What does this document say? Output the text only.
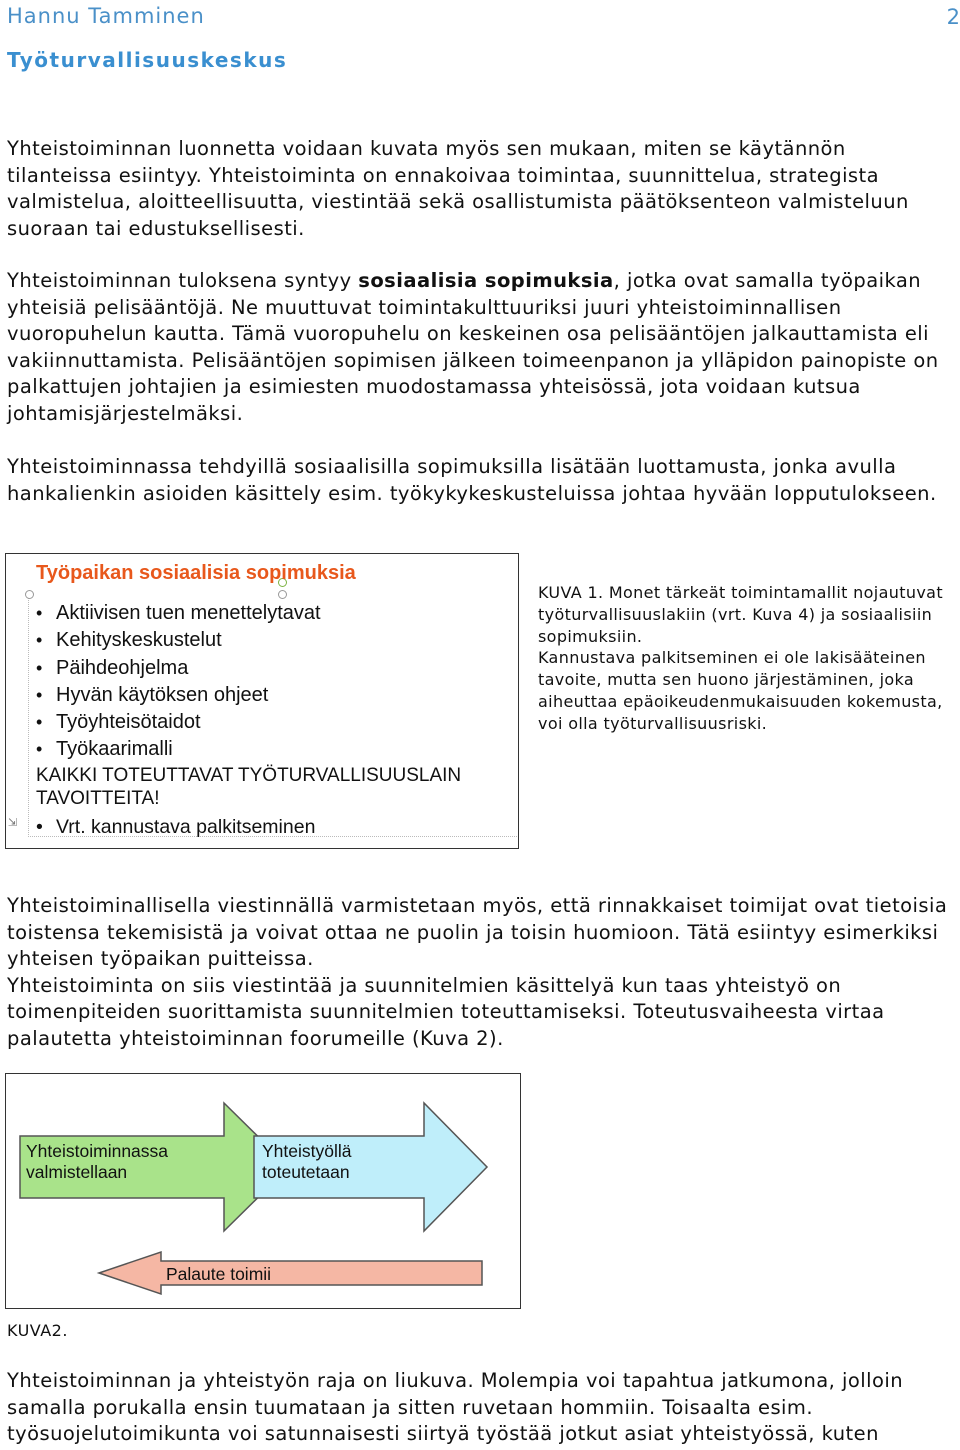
Hannu Tamminen	2
Työturvallisuuskeskus

Yhteistoiminnan luonnetta voidaan kuvata myös sen mukaan, miten se käytännön tilanteissa esiintyy. Yhteistoiminta on ennakoivaa toimintaa, suunnittelua, strategista valmistelua, aloitteellisuutta, viestintää sekä osallistumista päätöksenteon valmisteluun suoraan tai edustuksellisesti.

Yhteistoiminnan tuloksena syntyy sosiaalisia sopimuksia, jotka ovat samalla työpaikan yhteisiä pelisääntöjä. Ne muuttuvat toimintakulttuuriksi juuri yhteistoiminnallisen vuoropuhelun kautta. Tämä vuoropuhelu on keskeinen osa pelisääntöjen jalkauttamista eli vakiinnuttamista. Pelisääntöjen sopimisen jälkeen toimeenpanon ja ylläpidon painopiste on palkattujen johtajien ja esimiesten muodostamassa yhteisössä, jota voidaan kutsua johtamisjärjestelmäksi.

Yhteistoiminnassa tehdyillä sosiaalisilla sopimuksilla lisätään luottamusta, jonka avulla hankalienkin asioiden käsittely esim. työkykykeskusteluissa johtaa hyvään lopputulokseen.

Työpaikan sosiaalisia sopimuksia
• Aktiivisen tuen menettelytavat
• Kehityskeskustelut
• Päihdeohjelma
• Hyvän käytöksen ohjeet
• Työyhteisötaidot
• Työkaarimalli
KAIKKI TOTEUTTAVAT TYÖTURVALLISUUSLAIN TAVOITTEITA!
⇲
•	Vrt. kannustava palkitseminen
KUVA 1. Monet tärkeät toimintamallit nojautuvat työturvallisuuslakiin (vrt. Kuva 4) ja sosiaalisiin sopimuksiin.
Kannustava palkitseminen ei ole lakisääteinen tavoite, mutta sen huono järjestäminen, joka aiheuttaa epäoikeudenmukaisuuden kokemusta, voi olla työturvallisuusriski.

Yhteistoiminallisella viestinnällä varmistetaan myös, että rinnakkaiset toimijat ovat tietoisia toistensa tekemisistä ja voivat ottaa ne puolin ja toisin huomioon. Tätä esiintyy esimerkiksi yhteisen työpaikan puitteissa.
Yhteistoiminta on siis viestintää ja suunnitelmien käsittelyä kun taas yhteistyö on toimenpiteiden suorittamista suunnitelmien toteuttamiseksi. Toteutusvaiheesta virtaa palautetta yhteistoiminnan foorumeille (Kuva 2).

Yhteistoiminnassa
valmistellaan
Yhteistyöllä
toteutetaan
Palaute toimii
KUVA2.

Yhteistoiminnan ja yhteistyön raja on liukuva. Molempia voi tapahtua jatkumona, jolloin samalla porukalla ensin tuumataan ja sitten ruvetaan hommiin. Toisaalta esim. työsuojelutoimikunta voi satunnaisesti siirtyä työstää jotkut asiat yhteistyössä, kuten
